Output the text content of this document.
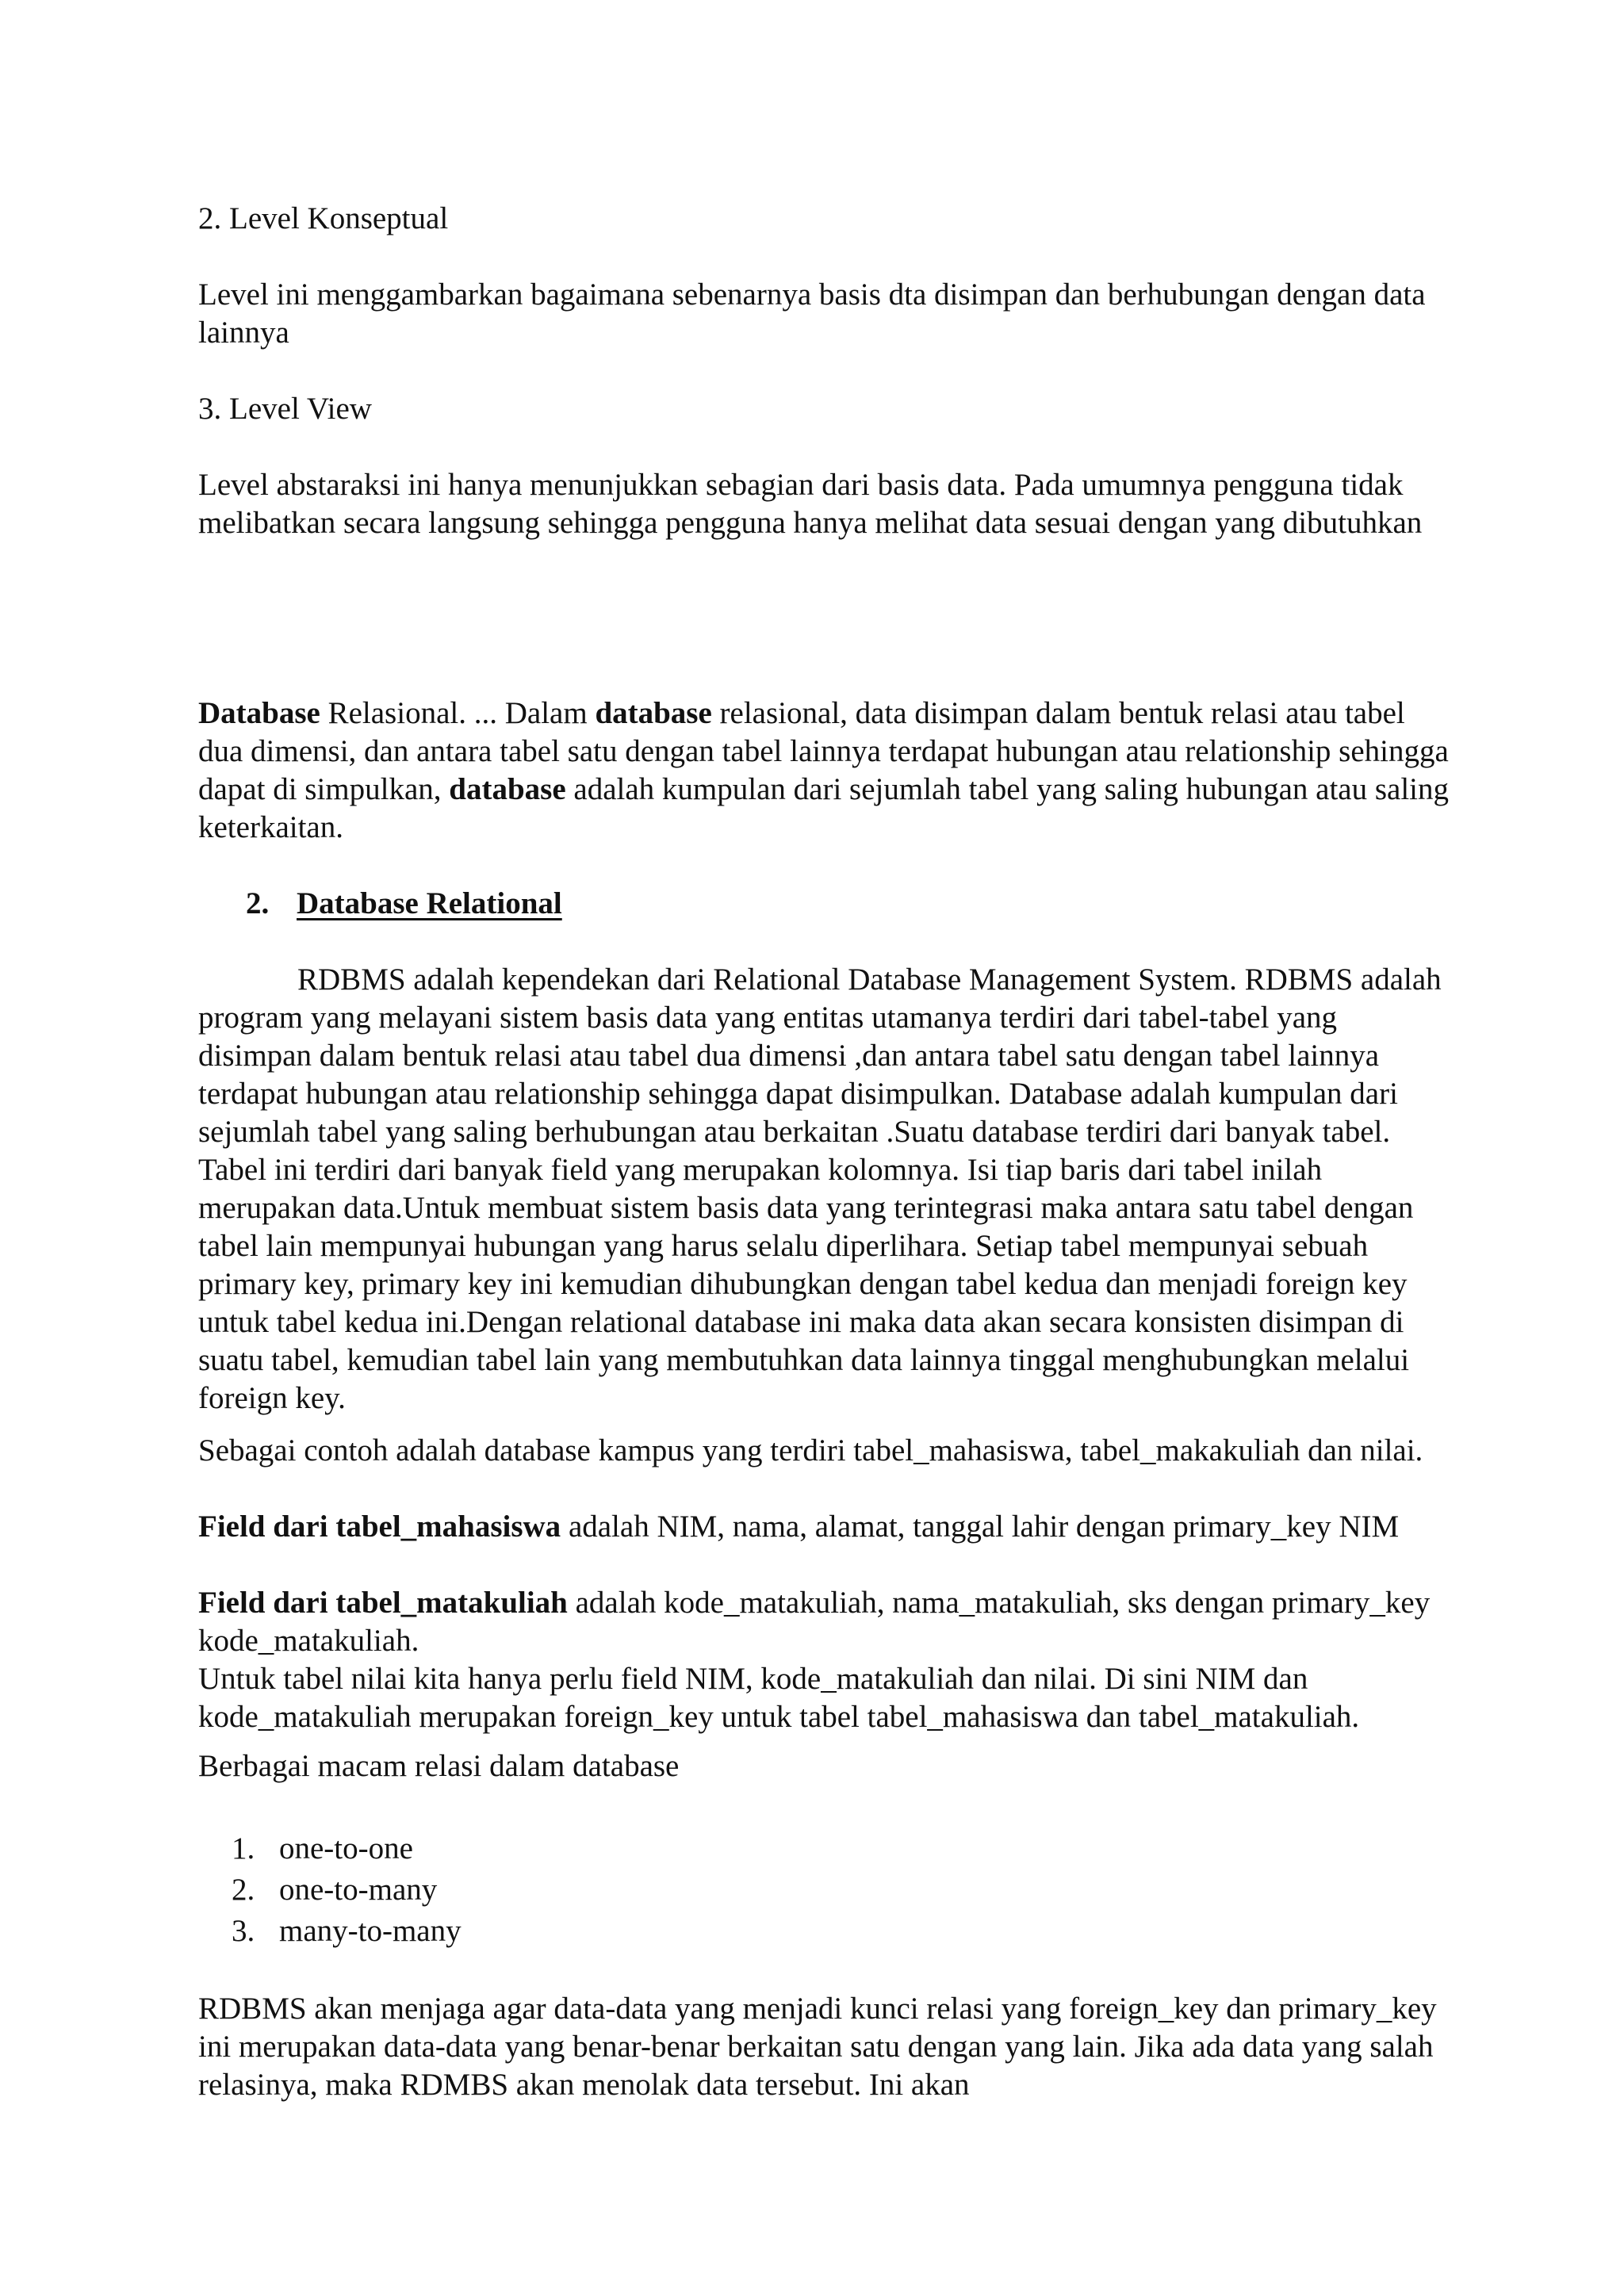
2. Level Konseptual

Level ini menggambarkan bagaimana sebenarnya basis dta disimpan dan berhubungan dengan data lainnya

3. Level View

Level abstaraksi ini hanya menunjukkan sebagian dari basis data. Pada umumnya pengguna tidak melibatkan secara langsung sehingga pengguna hanya melihat data sesuai dengan yang dibutuhkan

Database Relasional. ... Dalam database relasional, data disimpan dalam bentuk relasi atau tabel dua dimensi, dan antara tabel satu dengan tabel lainnya terdapat hubungan atau relationship sehingga dapat di simpulkan, database adalah kumpulan dari sejumlah tabel yang saling hubungan atau saling keterkaitan.

2. Database Relational

RDBMS adalah kependekan dari Relational Database Management System. RDBMS adalah program yang melayani sistem basis data yang entitas utamanya terdiri dari tabel-tabel yang disimpan dalam bentuk relasi atau tabel dua dimensi ,dan antara tabel satu dengan tabel lainnya terdapat hubungan atau relationship sehingga dapat disimpulkan. Database adalah kumpulan dari sejumlah tabel yang saling berhubungan atau berkaitan .Suatu database terdiri dari banyak tabel. Tabel ini terdiri dari banyak field yang merupakan kolomnya. Isi tiap baris dari tabel inilah merupakan data.Untuk membuat sistem basis data yang terintegrasi maka antara satu tabel dengan tabel lain mempunyai hubungan yang harus selalu diperlihara. Setiap tabel mempunyai sebuah primary key, primary key ini kemudian dihubungkan dengan tabel kedua dan menjadi foreign key untuk tabel kedua ini.Dengan relational database ini maka data akan secara konsisten disimpan di suatu tabel, kemudian tabel lain yang membutuhkan data lainnya tinggal menghubungkan melalui foreign key.

Sebagai contoh adalah database kampus yang terdiri tabel_mahasiswa, tabel_makakuliah dan nilai.

Field dari tabel_mahasiswa adalah NIM, nama, alamat, tanggal lahir dengan primary_key NIM

Field dari tabel_matakuliah adalah kode_matakuliah, nama_matakuliah, sks dengan primary_key kode_matakuliah.

Untuk tabel nilai kita hanya perlu field NIM, kode_matakuliah dan nilai. Di sini NIM dan kode_matakuliah merupakan foreign_key untuk tabel tabel_mahasiswa dan tabel_matakuliah.

Berbagai macam relasi dalam database

1. one-to-one
2. one-to-many
3. many-to-many

RDBMS akan menjaga agar data-data yang menjadi kunci relasi yang foreign_key dan primary_key ini merupakan data-data yang benar-benar berkaitan satu dengan yang lain. Jika ada data yang salah relasinya, maka RDMBS akan menolak data tersebut. Ini akan
